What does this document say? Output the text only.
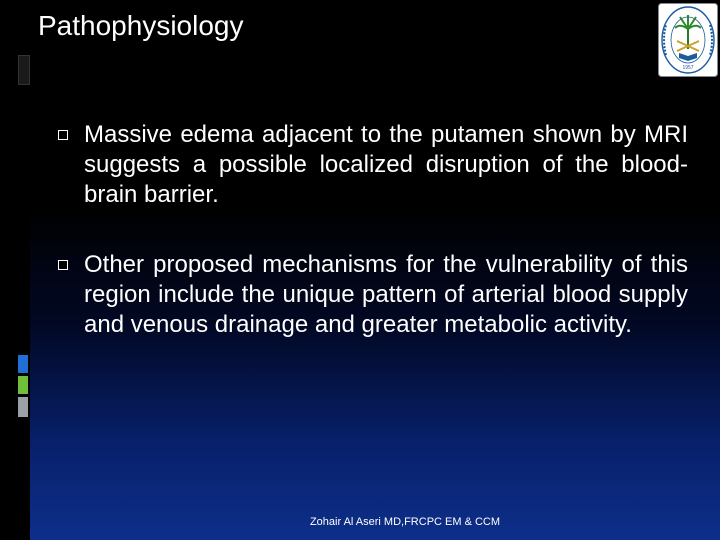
Pathophysiology
1957
Massive edema adjacent to the putamen shown by MRI suggests a possible localized disruption of the blood-brain barrier.
Other proposed mechanisms for the vulnerability of this region include the unique pattern of arterial blood supply and venous drainage and greater metabolic activity.
Zohair Al Aseri MD,FRCPC EM & CCM
